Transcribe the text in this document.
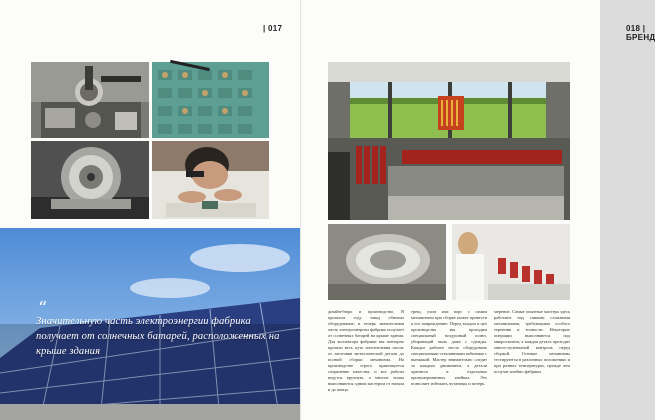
| 017
“
Значительную часть электроэнергии фабрика получает от солнечных батарей, расположенных на крыше здания
018 | БРЕНД
дизайн-бюро и производство. В прошлом году завод обновил оборудование, и теперь значительная часть электроэнергии фабрика получает от солнечных батарей на крыше здания. Для коллектора фабрики мы повторно прошли весь путь изготовления часов: от заготовки металлической детали до полной сборки механизма. На производстве строго практикуется сохранение качества, и все работы ведутся вручную, а многие этапы выполняются одним мастером от начала и до конца.
трещ, ухом или ворс с самим механизмом при сборке может привести к его повреждению. Перед входом в цех производства мы проходим специальный воздушный шлюз, убирающий пыль даже с одежды. Каждое рабочее место оборудовано специальными стеклянными кабинами с вытяжкой. Мастер внимательно следит за каждым движением, а детали хранятся в отдельных пронумерованных ячейках. Это позволяет избежать путаницы и потерь.
мерение. Самые опытные мастера здесь работают над самыми сложными механизмами, требующими особого терпения и точности. Некоторые операции выполняются под микроскопом, а каждая деталь проходит многоступенчатый контроль перед сборкой. Готовые механизмы тестируются в различных положениях и при разных температурах, прежде чем получат клеймо фабрики.
